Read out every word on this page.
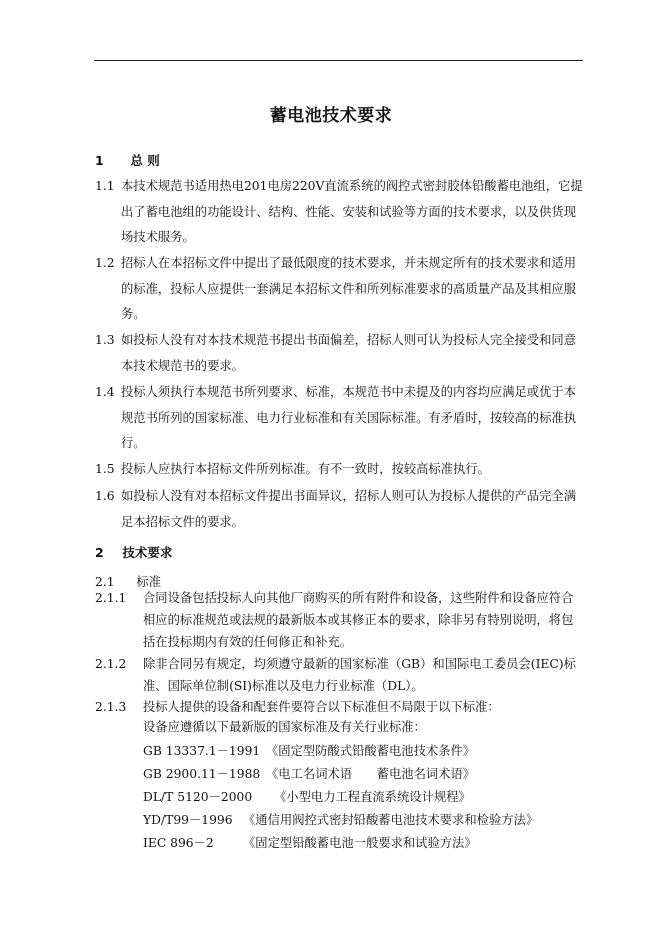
蓄电池技术要求
1 总 则
1.1 本技术规范书适用热电201电房220V直流系统的阀控式密封胶体铅酸蓄电池组，它提出了蓄电池组的功能设计、结构、性能、安装和试验等方面的技术要求，以及供货现场技术服务。
1.2 招标人在本招标文件中提出了最低限度的技术要求，并未规定所有的技术要求和适用的标准，投标人应提供一套满足本招标文件和所列标准要求的高质量产品及其相应服务。
1.3 如投标人没有对本技术规范书提出书面偏差，招标人则可认为投标人完全接受和同意本技术规范书的要求。
1.4 投标人须执行本规范书所列要求、标准，本规范书中未提及的内容均应满足或优于本规范书所列的国家标准、电力行业标准和有关国际标准。有矛盾时，按较高的标准执行。
1.5 投标人应执行本招标文件所列标准。有不一致时，按较高标准执行。
1.6 如投标人没有对本招标文件提出书面异议，招标人则可认为投标人提供的产品完全满足本招标文件的要求。
2 技术要求
2.1 标准
2.1.1 合同设备包括投标人向其他厂商购买的所有附件和设备，这些附件和设备应符合相应的标准规范或法规的最新版本或其修正本的要求，除非另有特别说明，将包括在投标期内有效的任何修正和补充。
2.1.2 除非合同另有规定，均须遵守最新的国家标准（GB）和国际电工委员会(IEC)标准、国际单位制(SI)标准以及电力行业标准（DL）。
2.1.3 投标人提供的设备和配套件要符合以下标准但不局限于以下标准：
设备应遵循以下最新版的国家标准及有关行业标准：
GB 13337.1－1991 《固定型防酸式铅酸蓄电池技术条件》
GB 2900.11－1988 《电工名词术语　　蓄电池名词术语》
DL/T 5120－2000 《小型电力工程直流系统设计规程》
YD/T99－1996 《通信用阀控式密封铅酸蓄电池技术要求和检验方法》
IEC 896－2 《固定型铅酸蓄电池一般要求和试验方法》
